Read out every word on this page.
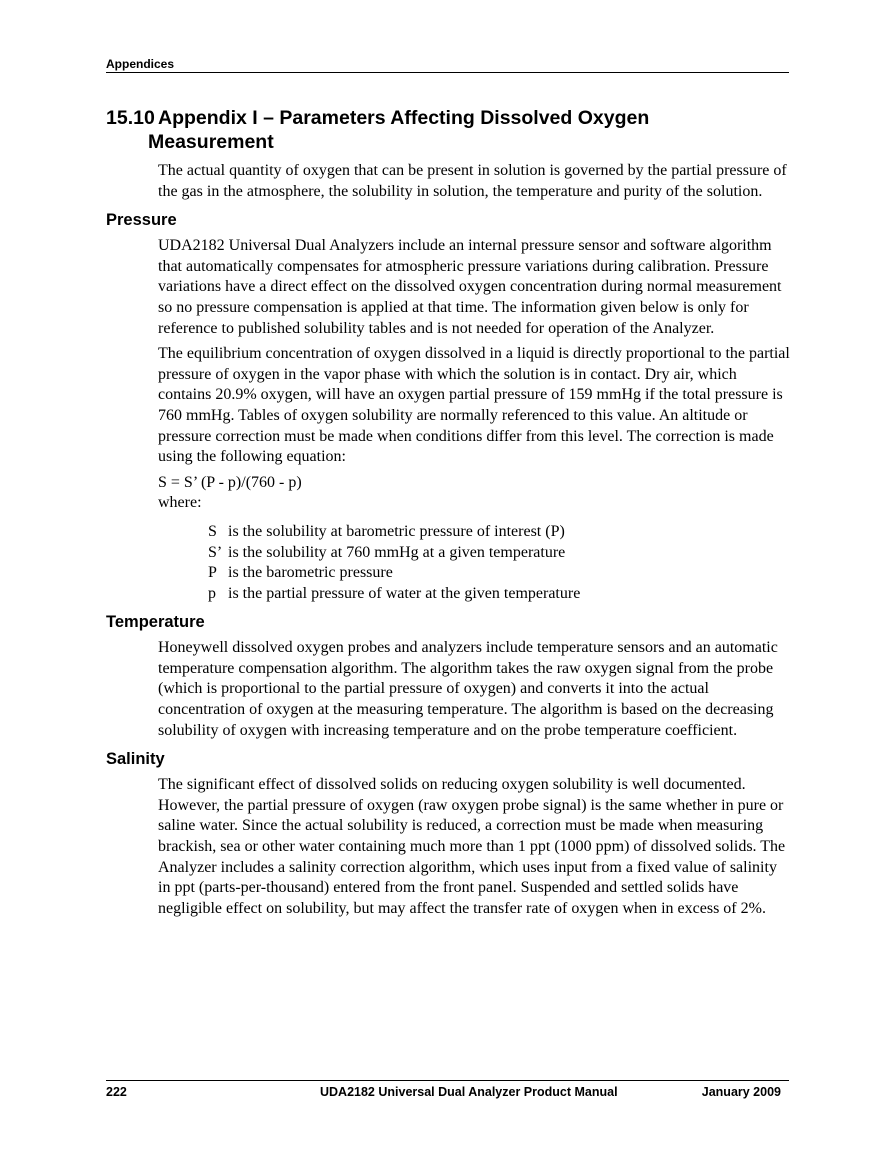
Appendices
15.10 Appendix I – Parameters Affecting Dissolved Oxygen
Measurement

The actual quantity of oxygen that can be present in solution is governed by the partial pressure of the gas in the atmosphere, the solubility in solution, the temperature and purity of the solution.

Pressure

UDA2182 Universal Dual Analyzers include an internal pressure sensor and software algorithm that automatically compensates for atmospheric pressure variations during calibration. Pressure variations have a direct effect on the dissolved oxygen concentration during normal measurement so no pressure compensation is applied at that time. The information given below is only for reference to published solubility tables and is not needed for operation of the Analyzer.

The equilibrium concentration of oxygen dissolved in a liquid is directly proportional to the partial pressure of oxygen in the vapor phase with which the solution is in contact. Dry air, which contains 20.9% oxygen, will have an oxygen partial pressure of 159 mmHg if the total pressure is 760 mmHg. Tables of oxygen solubility are normally referenced to this value. An altitude or pressure correction must be made when conditions differ from this level. The correction is made using the following equation:

S = S’ (P - p)/(760 - p)
where:
S is the solubility at barometric pressure of interest (P)
S’ is the solubility at 760 mmHg at a given temperature
P is the barometric pressure
p is the partial pressure of water at the given temperature
Temperature

Honeywell dissolved oxygen probes and analyzers include temperature sensors and an automatic temperature compensation algorithm. The algorithm takes the raw oxygen signal from the probe (which is proportional to the partial pressure of oxygen) and converts it into the actual concentration of oxygen at the measuring temperature. The algorithm is based on the decreasing solubility of oxygen with increasing temperature and on the probe temperature coefficient.

Salinity

The significant effect of dissolved solids on reducing oxygen solubility is well documented. However, the partial pressure of oxygen (raw oxygen probe signal) is the same whether in pure or saline water. Since the actual solubility is reduced, a correction must be made when measuring brackish, sea or other water containing much more than 1 ppt (1000 ppm) of dissolved solids. The Analyzer includes a salinity correction algorithm, which uses input from a fixed value of salinity in ppt (parts-per-thousand) entered from the front panel. Suspended and settled solids have negligible effect on solubility, but may affect the transfer rate of oxygen when in excess of 2%.

222	UDA2182 Universal Dual Analyzer Product Manual	January 2009
